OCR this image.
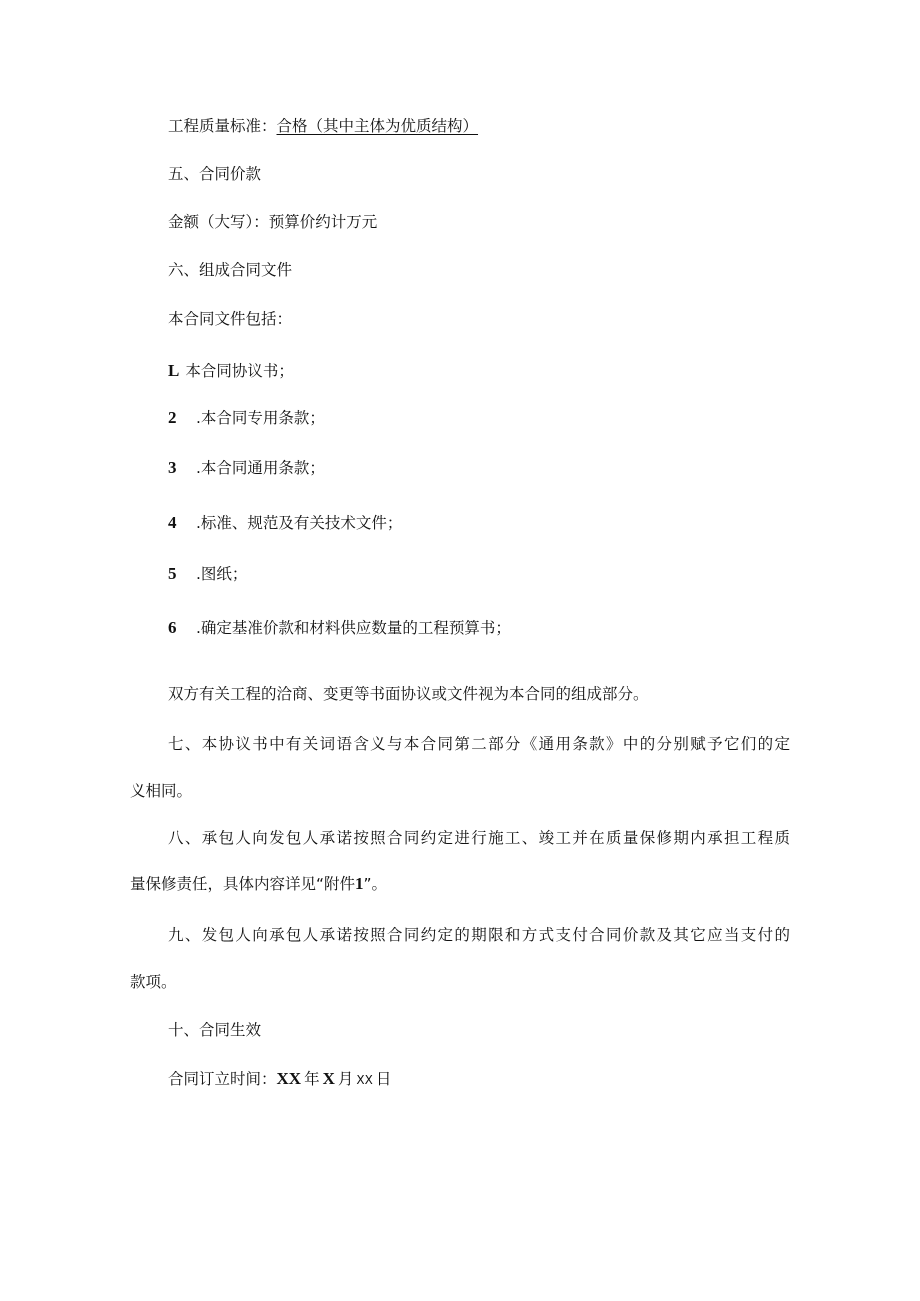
工程质量标准：合格（其中主体为优质结构）
五、合同价款
金额（大写）：预算价约计万元
六、组成合同文件
本合同文件包括：
L 本合同协议书；
2 .本合同专用条款；
3 .本合同通用条款；
4 .标准、规范及有关技术文件；
5 .图纸；
6 .确定基准价款和材料供应数量的工程预算书；
双方有关工程的洽商、变更等书面协议或文件视为本合同的组成部分。
七、本协议书中有关词语含义与本合同第二部分《通用条款》中的分别赋予它们的定
义相同。
八、承包人向发包人承诺按照合同约定进行施工、竣工并在质量保修期内承担工程质
量保修责任，具体内容详见“附件1”。
九、发包人向承包人承诺按照合同约定的期限和方式支付合同价款及其它应当支付的
款项。
十、合同生效
合同订立时间：XX 年 X 月 XX 日
